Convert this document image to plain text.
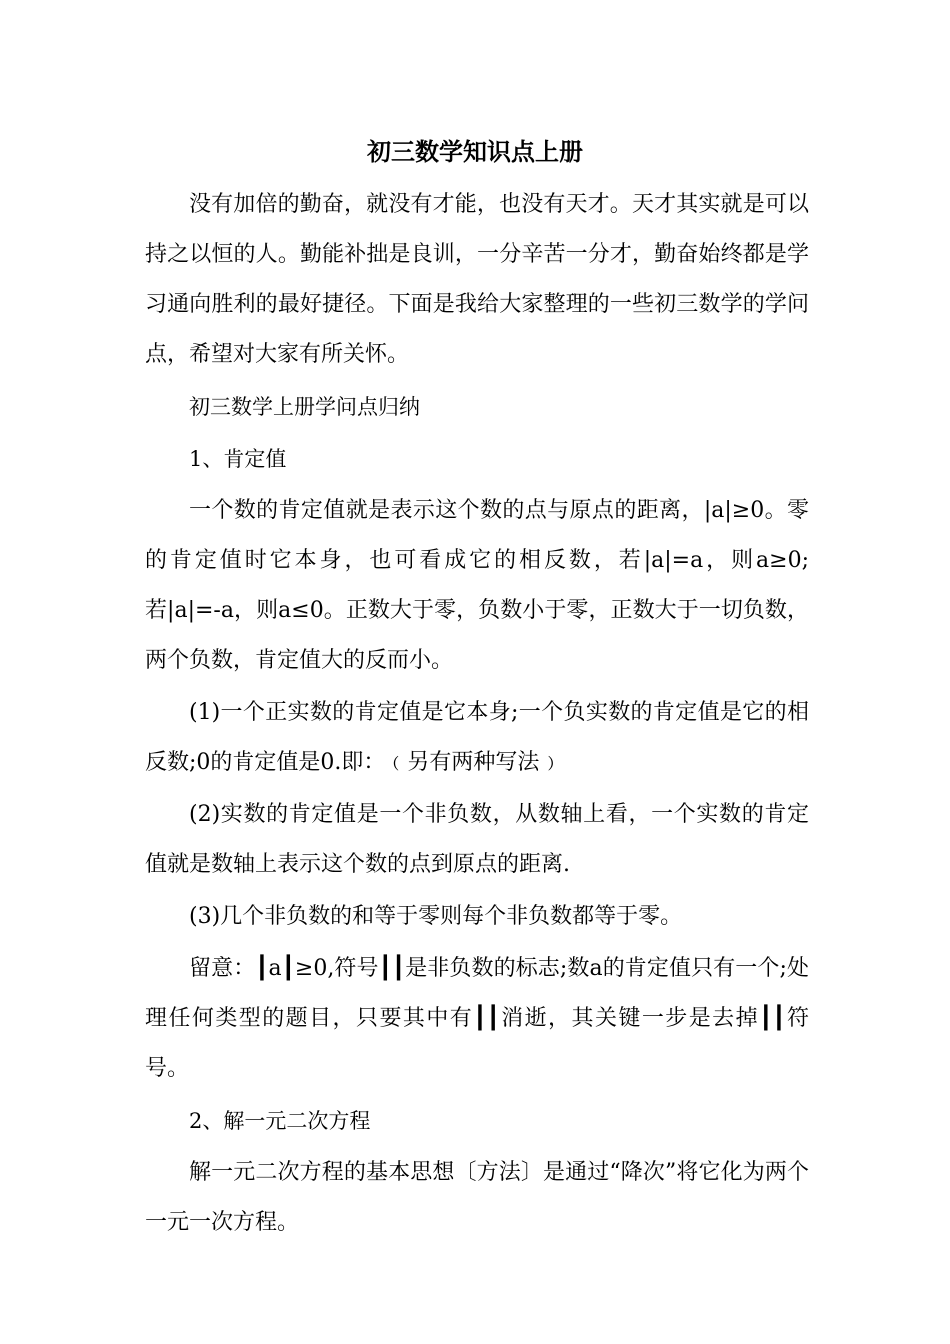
初三数学知识点上册

没有加倍的勤奋，就没有才能，也没有天才。天才其实就是可以持之以恒的人。勤能补拙是良训，一分辛苦一分才，勤奋始终都是学习通向胜利的最好捷径。下面是我给大家整理的一些初三数学的学问点，希望对大家有所关怀。

初三数学上册学问点归纳

1、肯定值

一个数的肯定值就是表示这个数的点与原点的距离，|a|≥0。零的肯定值时它本身，也可看成它的相反数，若|a|=a，则a≥0;若|a|=-a，则a≤0。正数大于零，负数小于零，正数大于一切负数，两个负数，肯定值大的反而小。

(1)一个正实数的肯定值是它本身;一个负实数的肯定值是它的相反数;0的肯定值是0.即：﹙另有两种写法﹚

(2)实数的肯定值是一个非负数，从数轴上看，一个实数的肯定值就是数轴上表示这个数的点到原点的距离.

(3)几个非负数的和等于零则每个非负数都等于零。

留意：┃a┃≥0,符号┃┃是非负数的标志;数a的肯定值只有一个;处理任何类型的题目，只要其中有┃┃消逝，其关键一步是去掉┃┃符号。

2、解一元二次方程

解一元二次方程的基本思想〔方法〕是通过“降次”将它化为两个一元一次方程。
